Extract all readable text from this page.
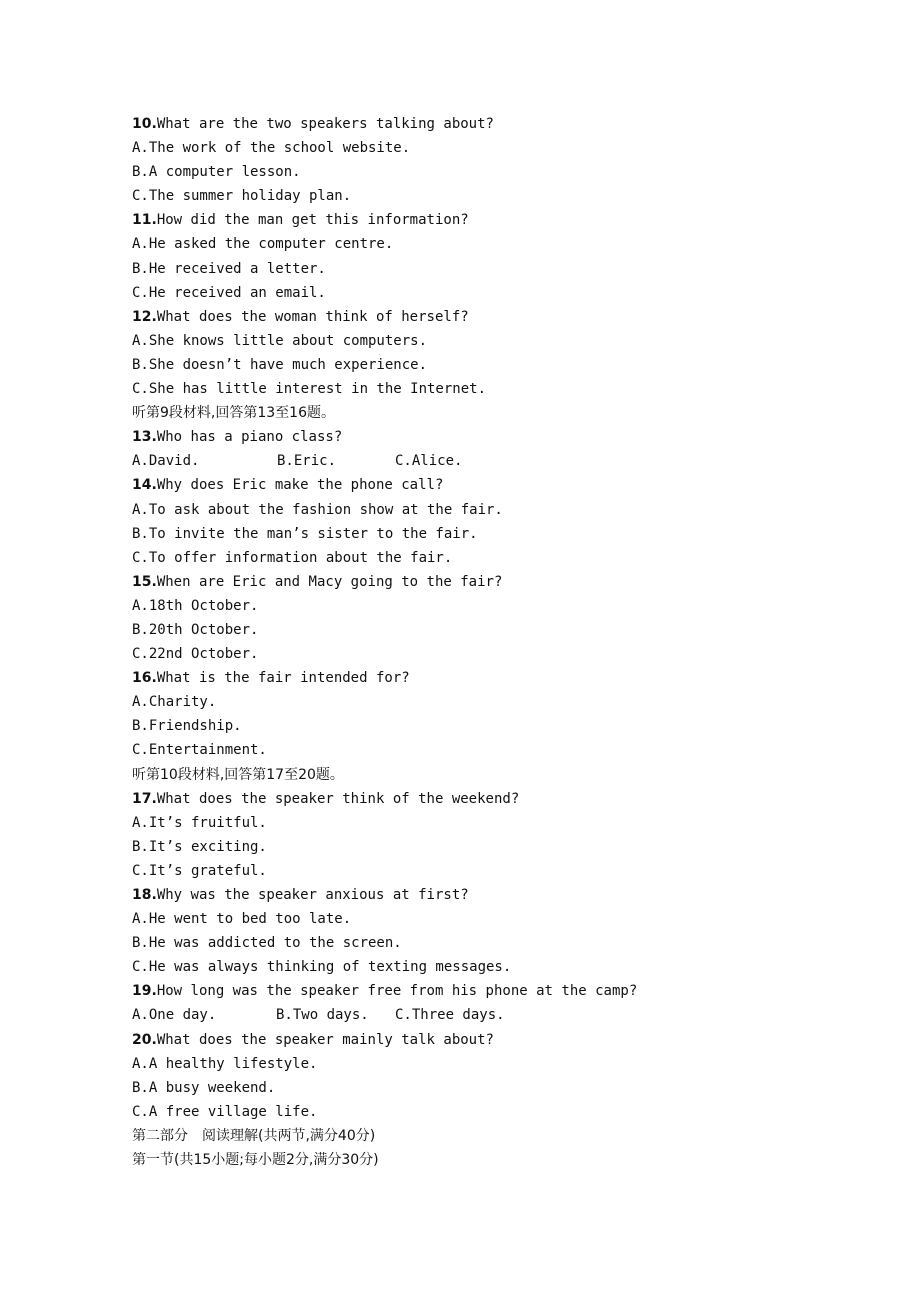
10.What are the two speakers talking about?
A.The work of the school website.
B.A computer lesson.
C.The summer holiday plan.
11.How did the man get this information?
A.He asked the computer centre.
B.He received a letter.
C.He received an email.
12.What does the woman think of herself?
A.She knows little about computers.
B.She doesn’t have much experience.
C.She has little interest in the Internet.
听第9段材料,回答第13至16题。
13.Who has a piano class?
A.David.	B.Eric.	C.Alice.
14.Why does Eric make the phone call?
A.To ask about the fashion show at the fair.
B.To invite the man’s sister to the fair.
C.To offer information about the fair.
15.When are Eric and Macy going to the fair?
A.18th October.
B.20th October.
C.22nd October.
16.What is the fair intended for?
A.Charity.
B.Friendship.
C.Entertainment.
听第10段材料,回答第17至20题。
17.What does the speaker think of the weekend?
A.It’s fruitful.
B.It’s exciting.
C.It’s grateful.
18.Why was the speaker anxious at first?
A.He went to bed too late.
B.He was addicted to the screen.
C.He was always thinking of texting messages.
19.How long was the speaker free from his phone at the camp?
A.One day.	B.Two days.	C.Three days.
20.What does the speaker mainly talk about?
A.A healthy lifestyle.
B.A busy weekend.
C.A free village life.
第二部分　阅读理解(共两节,满分40分)
第一节(共15小题;每小题2分,满分30分)
